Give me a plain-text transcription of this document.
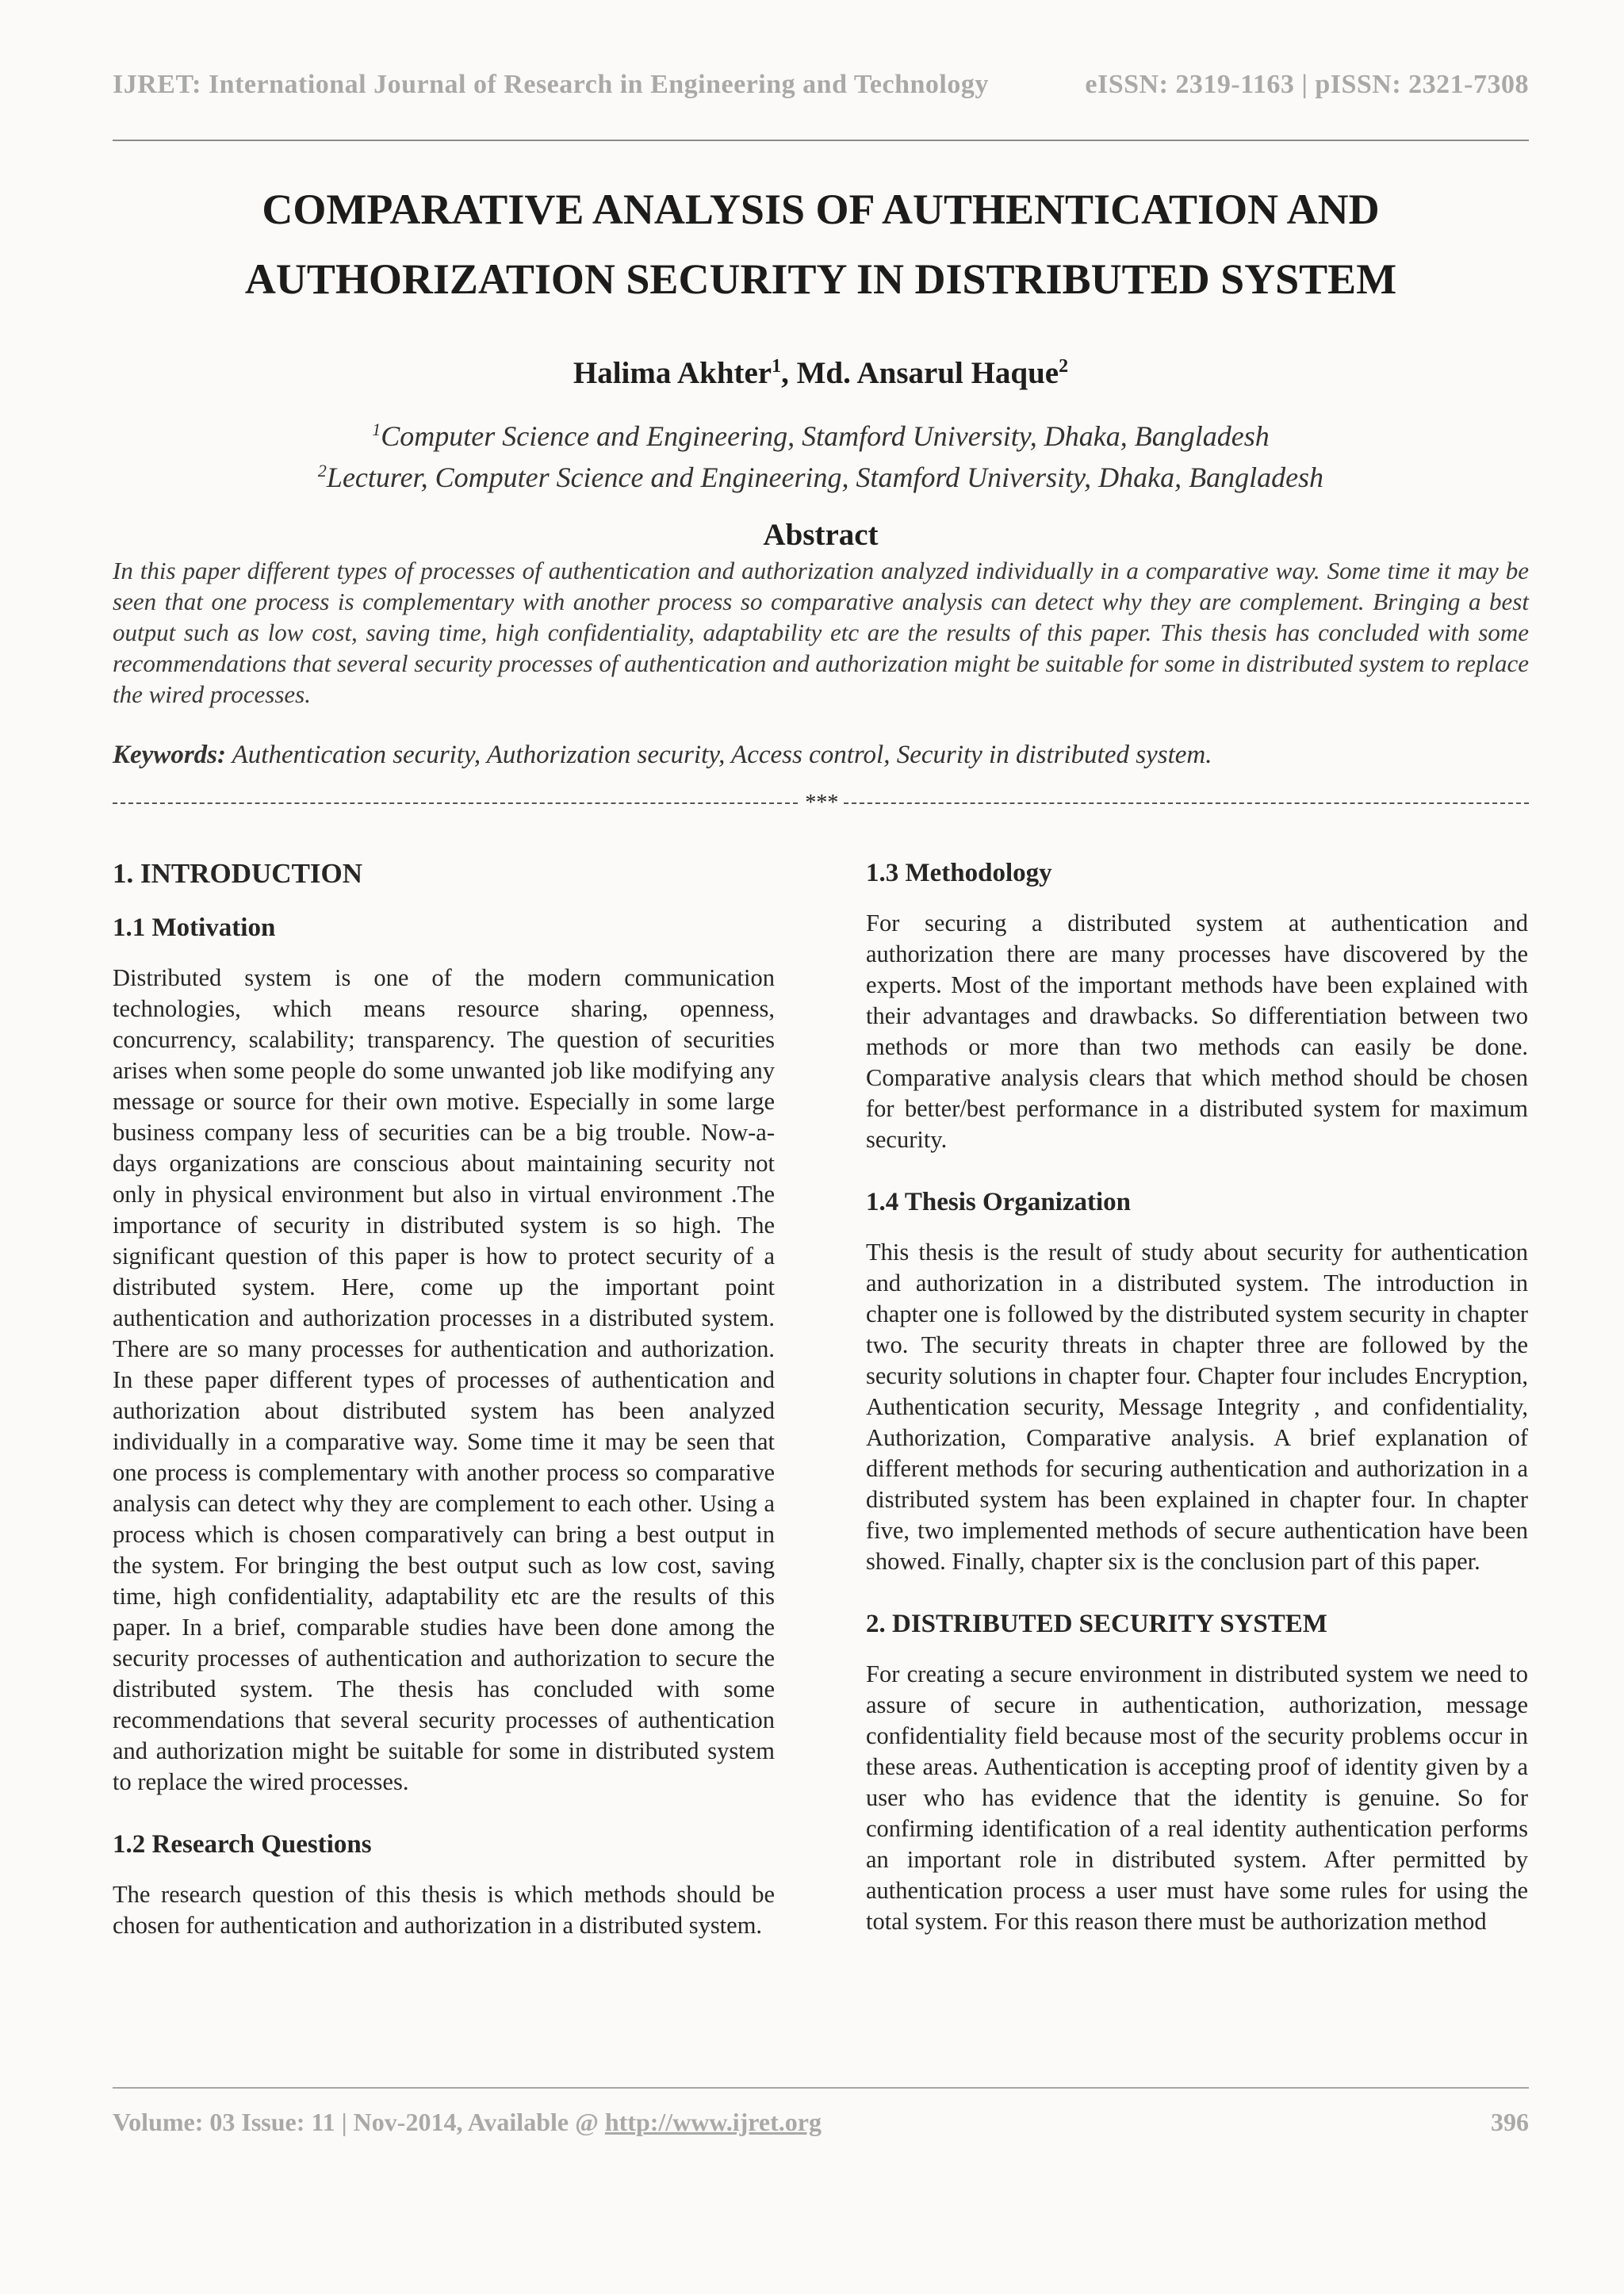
IJRET: International Journal of Research in Engineering and Technology	eISSN: 2319-1163 | pISSN: 2321-7308
COMPARATIVE ANALYSIS OF AUTHENTICATION AND
AUTHORIZATION SECURITY IN DISTRIBUTED SYSTEM
Halima Akhter$^1$, Md. Ansarul Haque$^2$
$^1$Computer Science and Engineering, Stamford University, Dhaka, Bangladesh
$^2$Lecturer, Computer Science and Engineering, Stamford University, Dhaka, Bangladesh
Abstract
In this paper different types of processes of authentication and authorization analyzed individually in a comparative way. Some time it may be seen that one process is complementary with another process so comparative analysis can detect why they are complement. Bringing a best output such as low cost, saving time, high confidentiality, adaptability etc are the results of this paper. This thesis has concluded with some recommendations that several security processes of authentication and authorization might be suitable for some in distributed system to replace the wired processes.
Keywords: Authentication security, Authorization security, Access control, Security in distributed system.
***
1. INTRODUCTION
1.1 Motivation

Distributed system is one of the modern communication technologies, which means resource sharing, openness, concurrency, scalability; transparency. The question of securities arises when some people do some unwanted job like modifying any message or source for their own motive. Especially in some large business company less of securities can be a big trouble. Now-a-days organizations are conscious about maintaining security not only in physical environment but also in virtual environment .The importance of security in distributed system is so high. The significant question of this paper is how to protect security of a distributed system. Here, come up the important point authentication and authorization processes in a distributed system. There are so many processes for authentication and authorization. In these paper different types of processes of authentication and authorization about distributed system has been analyzed individually in a comparative way. Some time it may be seen that one process is complementary with another process so comparative analysis can detect why they are complement to each other. Using a process which is chosen comparatively can bring a best output in the system. For bringing the best output such as low cost, saving time, high confidentiality, adaptability etc are the results of this paper. In a brief, comparable studies have been done among the security processes of authentication and authorization to secure the distributed system. The thesis has concluded with some recommendations that several security processes of authentication and authorization might be suitable for some in distributed system to replace the wired processes.

1.2 Research Questions

The research question of this thesis is which methods should be chosen for authentication and authorization in a distributed system.

1.3 Methodology

For securing a distributed system at authentication and authorization there are many processes have discovered by the experts. Most of the important methods have been explained with their advantages and drawbacks. So differentiation between two methods or more than two methods can easily be done. Comparative analysis clears that which method should be chosen for better/best performance in a distributed system for maximum security.

1.4 Thesis Organization

This thesis is the result of study about security for authentication and authorization in a distributed system. The introduction in chapter one is followed by the distributed system security in chapter two. The security threats in chapter three are followed by the security solutions in chapter four. Chapter four includes Encryption, Authentication security, Message Integrity , and confidentiality, Authorization, Comparative analysis. A brief explanation of different methods for securing authentication and authorization in a distributed system has been explained in chapter four. In chapter five, two implemented methods of secure authentication have been showed. Finally, chapter six is the conclusion part of this paper.

2. DISTRIBUTED SECURITY SYSTEM

For creating a secure environment in distributed system we need to assure of secure in authentication, authorization, message confidentiality field because most of the security problems occur in these areas. Authentication is accepting proof of identity given by a user who has evidence that the identity is genuine. So for confirming identification of a real identity authentication performs an important role in distributed system. After permitted by authentication process a user must have some rules for using the total system. For this reason there must be authorization method

Volume: 03 Issue: 11 | Nov-2014, Available @ http://www.ijret.org	396
